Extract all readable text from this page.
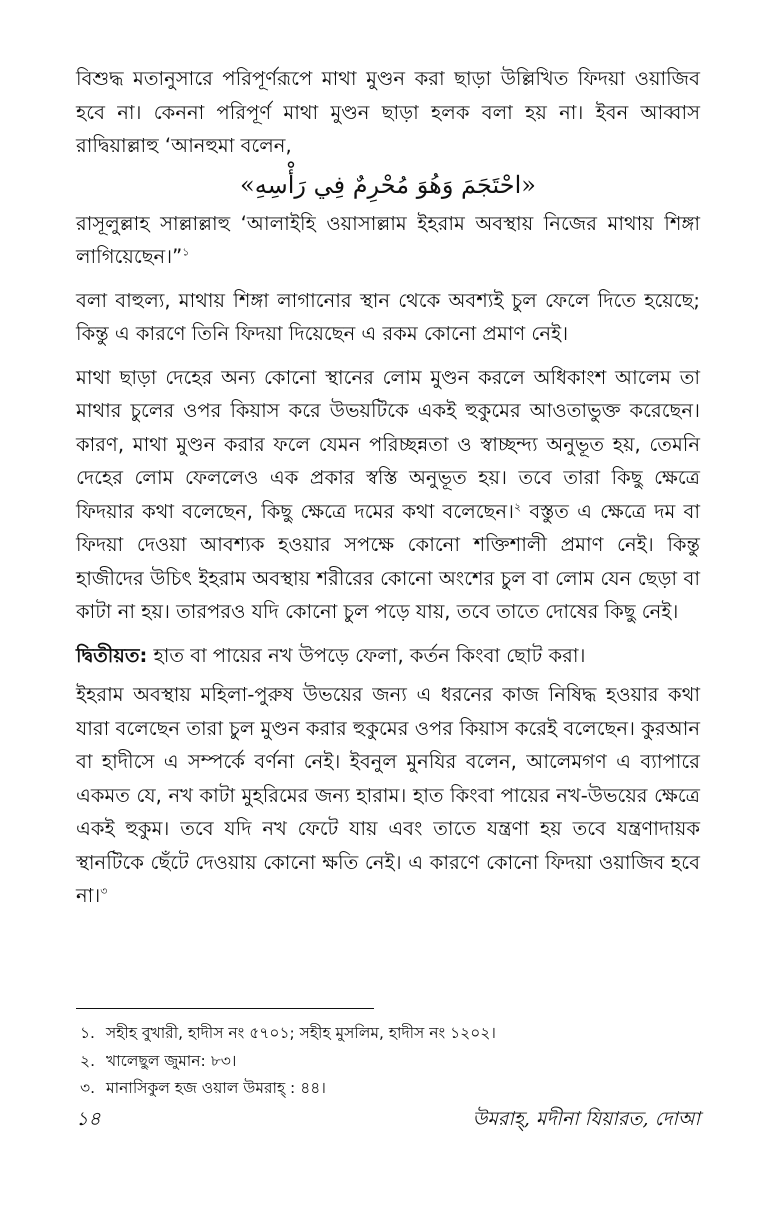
বিশুদ্ধ মতানুসারে পরিপূর্ণরূপে মাথা মুণ্ডন করা ছাড়া উল্লিখিত ফিদয়া ওয়াজিব হবে না। কেননা পরিপূর্ণ মাথা মুণ্ডন ছাড়া হলক বলা হয় না। ইবন আব্বাস রাদ্বিয়াল্লাহু ‘আনহুমা বলেন,

«احْتَجَمَ وَهُوَ مُحْرِمٌ فِي رَأْسِهِ»

রাসূলুল্লাহ সাল্লাল্লাহু ‘আলাইহি ওয়াসাল্লাম ইহরাম অবস্থায় নিজের মাথায় শিঙ্গা লাগিয়েছেন।”$^১$

বলা বাহুল্য, মাথায় শিঙ্গা লাগানোর স্থান থেকে অবশ্যই চুল ফেলে দিতে হয়েছে; কিন্তু এ কারণে তিনি ফিদয়া দিয়েছেন এ রকম কোনো প্রমাণ নেই।

মাথা ছাড়া দেহের অন্য কোনো স্থানের লোম মুণ্ডন করলে অধিকাংশ আলেম তা মাথার চুলের ওপর কিয়াস করে উভয়টিকে একই হুকুমের আওতাভুক্ত করেছেন। কারণ, মাথা মুণ্ডন করার ফলে যেমন পরিচ্ছন্নতা ও স্বাচ্ছন্দ্য অনুভূত হয়, তেমনি দেহের লোম ফেললেও এক প্রকার স্বস্তি অনুভূত হয়। তবে তারা কিছু ক্ষেত্রে ফিদয়ার কথা বলেছেন, কিছু ক্ষেত্রে দমের কথা বলেছেন।$^২$ বস্তুত এ ক্ষেত্রে দম বা ফিদয়া দেওয়া আবশ্যক হওয়ার সপক্ষে কোনো শক্তিশালী প্রমাণ নেই। কিন্তু হাজীদের উচিৎ ইহরাম অবস্থায় শরীরের কোনো অংশের চুল বা লোম যেন ছেড়া বা কাটা না হয়। তারপরও যদি কোনো চুল পড়ে যায়, তবে তাতে দোষের কিছু নেই।

দ্বিতীয়ত: হাত বা পায়ের নখ উপড়ে ফেলা, কর্তন কিংবা ছোট করা।

ইহরাম অবস্থায় মহিলা-পুরুষ উভয়ের জন্য এ ধরনের কাজ নিষিদ্ধ হওয়ার কথা যারা বলেছেন তারা চুল মুণ্ডন করার হুকুমের ওপর কিয়াস করেই বলেছেন। কুরআন বা হাদীসে এ সম্পর্কে বর্ণনা নেই। ইবনুল মুনযির বলেন, আলেমগণ এ ব্যাপারে একমত যে, নখ কাটা মুহরিমের জন্য হারাম। হাত কিংবা পায়ের নখ-উভয়ের ক্ষেত্রে একই হুকুম। তবে যদি নখ ফেটে যায় এবং তাতে যন্ত্রণা হয় তবে যন্ত্রণাদায়ক স্থানটিকে ছেঁটে দেওয়ায় কোনো ক্ষতি নেই। এ কারণে কোনো ফিদয়া ওয়াজিব হবে না।$^৩$

১. সহীহ বুখারী, হাদীস নং ৫৭০১; সহীহ মুসলিম, হাদীস নং ১২০২।
২. খালেছুল জুমান: ৮৩।
৩. মানাসিকুল হজ ওয়াল উমরাহ্ : ৪৪।
১৪	উমরাহ্, মদীনা যিয়ারত, দোআ
